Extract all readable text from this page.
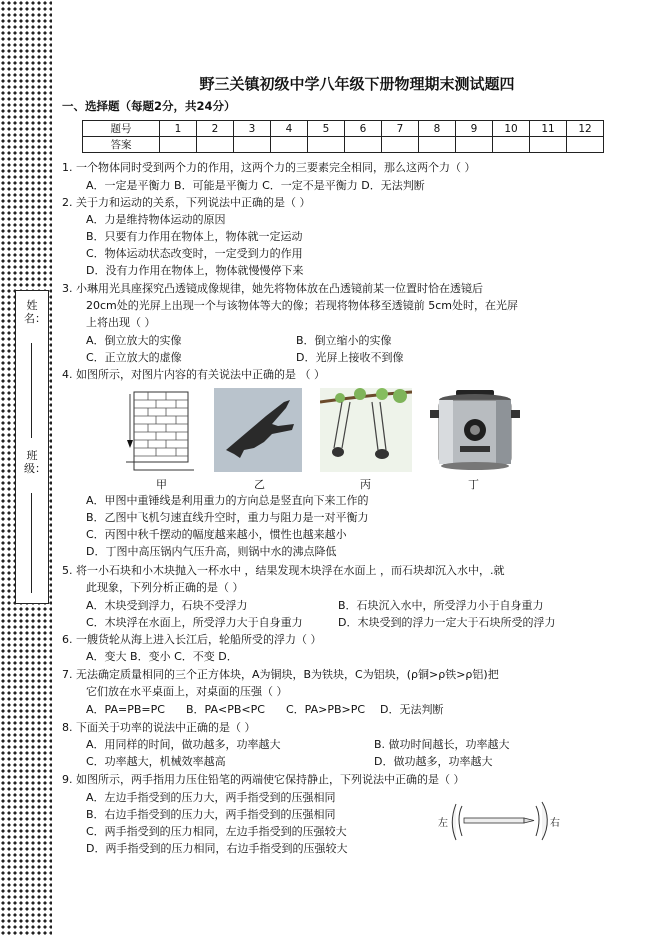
姓名：
班级：
野三关镇初级中学八年级下册物理期末测试题四
一、选择题（每题2分，共24分）
题号	1	2	3	4	5	6	7	8	9	10	11	12
答案												
1. 一个物体同时受到两个力的作用，这两个力的三要素完全相同，那么这两个力（ ）
A．一定是平衡力 B．可能是平衡力 C．一定不是平衡力 D．无法判断
2. 关于力和运动的关系，下列说法中正确的是（ ）
A．力是维持物体运动的原因
B．只要有力作用在物体上，物体就一定运动
C．物体运动状态改变时，一定受到力的作用
D．没有力作用在物体上，物体就慢慢停下来
3. 小琳用光具座探究凸透镜成像规律，她先将物体放在凸透镜前某一位置时恰在透镜后
20cm处的光屏上出现一个与该物体等大的像；若现将物体移至透镜前 5cm处时，在光屏
上将出现（ ）
A．倒立放大的实像	B．倒立缩小的实像
C．正立放大的虚像	D．光屏上接收不到像
4. 如图所示，对图片内容的有关说法中正确的是 （ ）
甲	乙	丙	丁
A．甲图中重锤线是利用重力的方向总是竖直向下来工作的
B．乙图中飞机匀速直线升空时，重力与阻力是一对平衡力
C．丙图中秋千摆动的幅度越来越小，惯性也越来越小
D．丁图中高压锅内气压升高，则锅中水的沸点降低
5. 将一小石块和小木块抛入一杯水中 ，结果发现木块浮在水面上 ，而石块却沉入水中，.就
此现象，下列分析正确的是（ ）
A．木块受到浮力，石块不受浮力	B．石块沉入水中，所受浮力小于自身重力
C．木块浮在水面上，所受浮力大于自身重力	D．木块受到的浮力一定大于石块所受的浮力
6. 一艘货轮从海上进入长江后，轮船所受的浮力（ ）
A．变大 B．变小 C．不变 D．
7. 无法确定质量相同的三个正方体块，A为铜块，B为铁块，C为铝块，(ρ铜>ρ铁>ρ铝)把
它们放在水平桌面上，对桌面的压强（ ）
A．PA=PB=PC B．PA<PB<PC C．PA>PB>PC D．无法判断
8. 下面关于功率的说法中正确的是（ ）
A．用同样的时间，做功越多，功率越大	B. 做功时间越长，功率越大
C．功率越大，机械效率越高	D．做功越多，功率越大
9. 如图所示，两手指用力压住铅笔的两端使它保持静止，下列说法中正确的是（ ）
A．左边手指受到的压力大，两手指受到的压强相同
B．右边手指受到的压力大，两手指受到的压强相同
C．两手指受到的压力相同，左边手指受到的压强较大
D．两手指受到的压力相同，右边手指受到的压强较大
左	右
